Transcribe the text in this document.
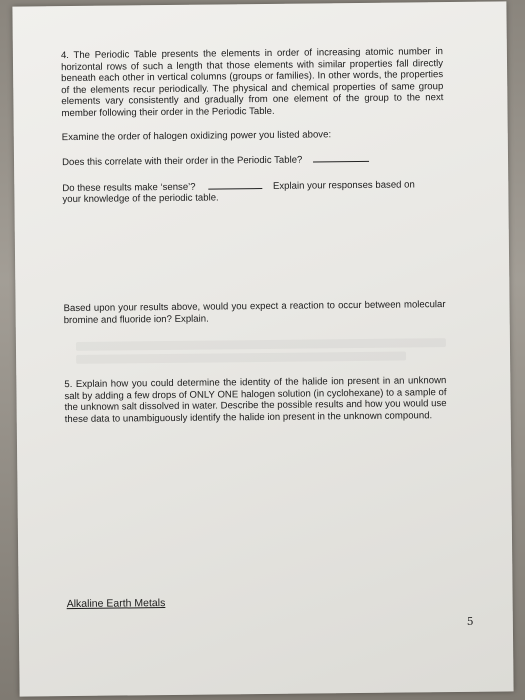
4. The Periodic Table presents the elements in order of increasing atomic number in horizontal rows of such a length that those elements with similar properties fall directly beneath each other in vertical columns (groups or families). In other words, the properties of the elements recur periodically. The physical and chemical properties of same group elements vary consistently and gradually from one element of the group to the next member following their order in the Periodic Table.
Examine the order of halogen oxidizing power you listed above:
Does this correlate with their order in the Periodic Table?
Do these results make ‘sense’?	Explain your responses based on
your knowledge of the periodic table.
Based upon your results above, would you expect a reaction to occur between molecular bromine and fluoride ion? Explain.
5. Explain how you could determine the identity of the halide ion present in an unknown salt by adding a few drops of ONLY ONE halogen solution (in cyclohexane) to a sample of the unknown salt dissolved in water. Describe the possible results and how you would use these data to unambiguously identify the halide ion present in the unknown compound.
Alkaline Earth Metals
5
